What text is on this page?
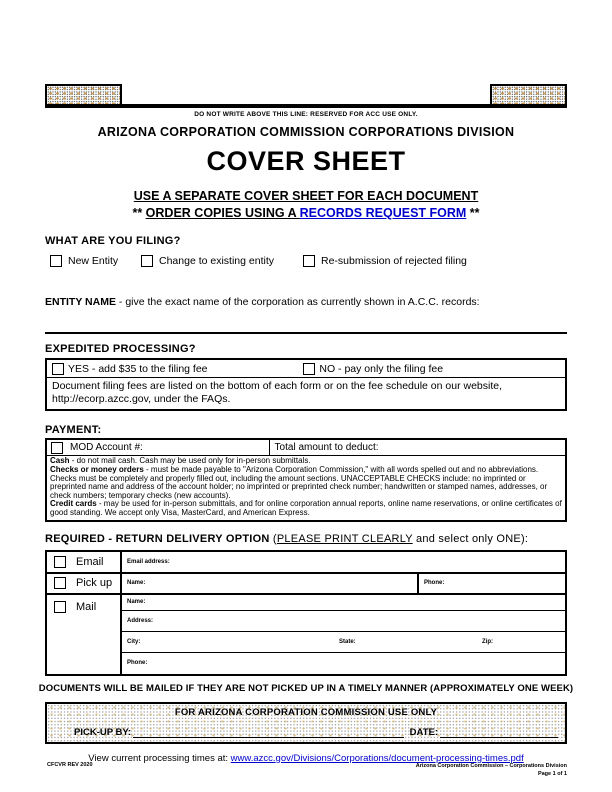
DO NOT WRITE ABOVE THIS LINE: RESERVED FOR ACC USE ONLY.
ARIZONA CORPORATION COMMISSION CORPORATIONS DIVISION
COVER SHEET
USE A SEPARATE COVER SHEET FOR EACH DOCUMENT
** ORDER COPIES USING A RECORDS REQUEST FORM **
WHAT ARE YOU FILING?
New Entity	Change to existing entity	Re-submission of rejected filing
ENTITY NAME - give the exact name of the corporation as currently shown in A.C.C. records:
EXPEDITED PROCESSING?
YES - add $35 to the filing fee	NO - pay only the filing fee
Document filing fees are listed on the bottom of each form or on the fee schedule on our website, http://ecorp.azcc.gov, under the FAQs.
PAYMENT:
MOD Account #:	Total amount to deduct:
Cash - do not mail cash. Cash may be used only for in-person submittals.
Checks or money orders - must be made payable to "Arizona Corporation Commission," with all words spelled out and no abbreviations. Checks must be completely and properly filled out, including the amount sections. UNACCEPTABLE CHECKS include: no imprinted or preprinted name and address of the account holder; no imprinted or preprinted check number; handwritten or stamped names, addresses, or check numbers; temporary checks (new accounts).
Credit cards - may be used for in-person submittals, and for online corporation annual reports, online name reservations, or online certificates of good standing. We accept only Visa, MasterCard, and American Express.
REQUIRED - RETURN DELIVERY OPTION (PLEASE PRINT CLEARLY and select only ONE):
Email	Email address:
Pick up Name:	Phone:
Mail	Name:
Address:
City:	State:	Zip:
Phone:
DOCUMENTS WILL BE MAILED IF THEY ARE NOT PICKED UP IN A TIMELY MANNER (APPROXIMATELY ONE WEEK)
FOR ARIZONA CORPORATION COMMISSION USE ONLY
PICK-UP BY:	DATE:
View current processing times at: www.azcc.gov/Divisions/Corporations/document-processing-times.pdf
CFCVR REV 2020	Arizona Corporation Commission – Corporations Division
Page 1 of 1
